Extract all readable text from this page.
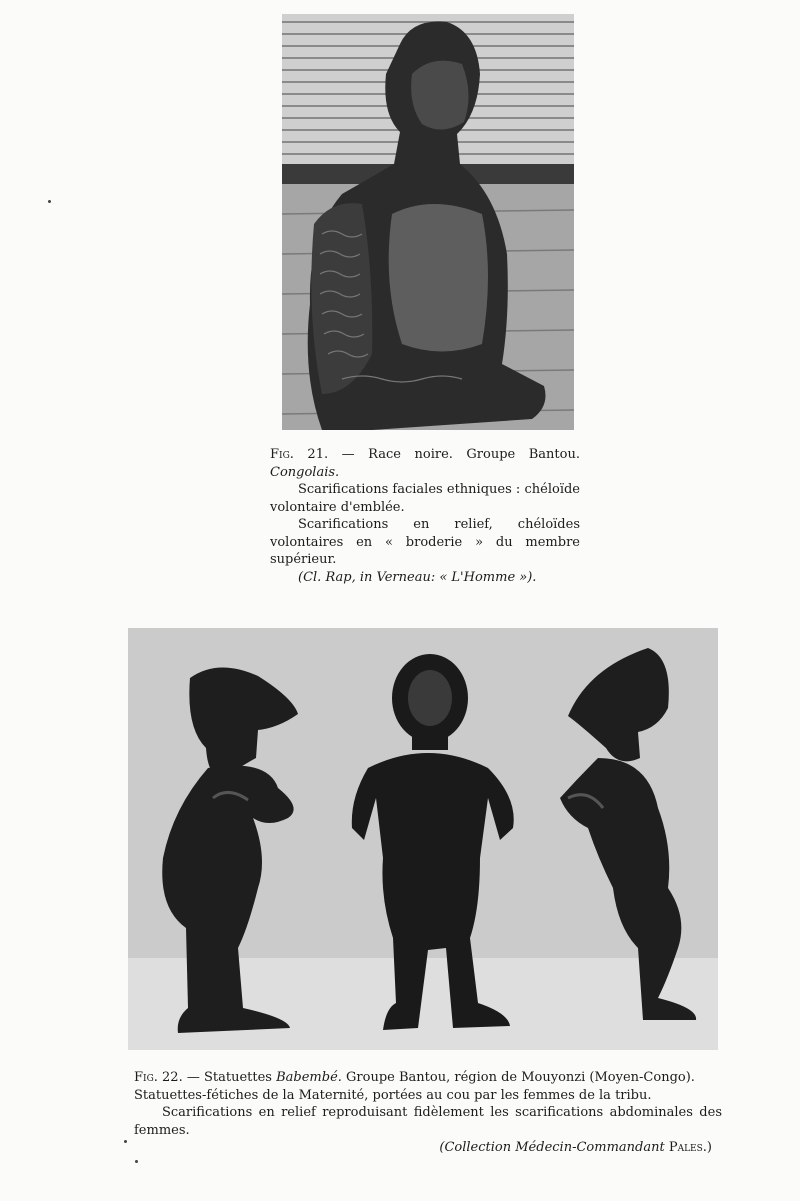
Fig. 21. — Race noire. Groupe Bantou. Congolais.
Scarifications faciales ethniques : chéloïde volontaire d'emblée.
Scarifications en relief, chéloïdes volontaires en « broderie » du membre supérieur.
(Cl. Rap, in Verneau: « L'Homme »).
Fig. 22. — Statuettes Babembé. Groupe Bantou, région de Mouyonzi (Moyen-Congo).
Statuettes-fétiches de la Maternité, portées au cou par les femmes de la tribu.
Scarifications en relief reproduisant fidèlement les scarifications abdominales des femmes.
(Collection Médecin-Commandant Pales.)
